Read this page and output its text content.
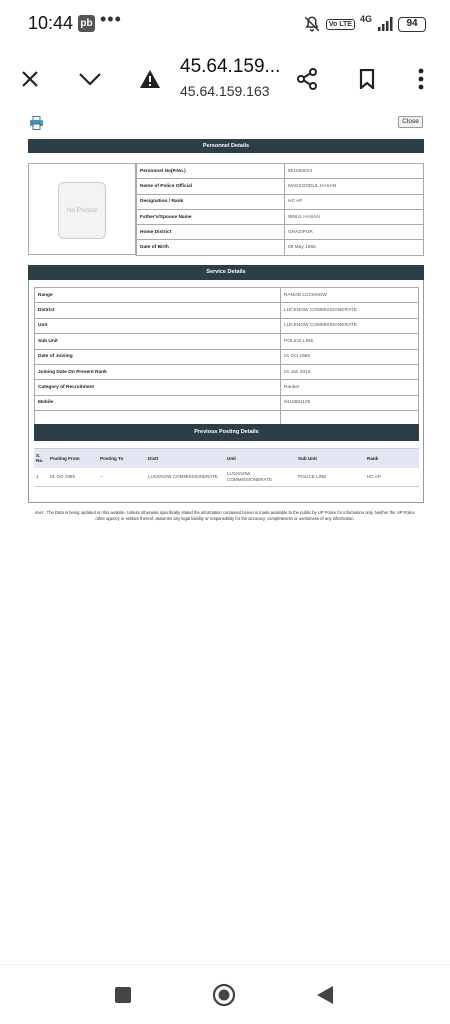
10:44 pb •••	Vo LTE 4G	94
45.64.159...
45.64.159.163
Close
Personnel Details
No Picture
Personnel No(P.No.)	851030013
Name of Police Official	MAKSOODUL HASAN
Designation / Rank	HC AP
Father's/Spouse Name	IBNUL HASAN
Home District	GHAZIPUR
Date of Birth	08 May 1966
Service Details
Range	RANGE LUCKNOW
District	LUCKNOW COMMISSIONERATE
Unit	LUCKNOW COMMISSIONERATE
Sub Unit	POLICE LINE
Date of Joining	01 Oct 1985
Joining Date On Present Rank	01 Jan 2016
Category of Recruitment	Ranker
Mobile	9415881106

Previous Posting Details
S. No.	Posting From	Posting To	Distt	Unit	Sub Unit	Rank
1	01 Oct 1985	--	LUCKNOW COMMISSIONERATE	LUCKNOW COMMISSIONERATE	POLICE LINE	HC AP
imer : The Data is being updated on this website. Unless otherwise specifically stated the information contained herein is made available to the public by UP Police for information only. Neither the UP Police
other agency or entities thereof, assumes any legal liability or responsibility for the accuracy, completeness or usefulness of any information.
